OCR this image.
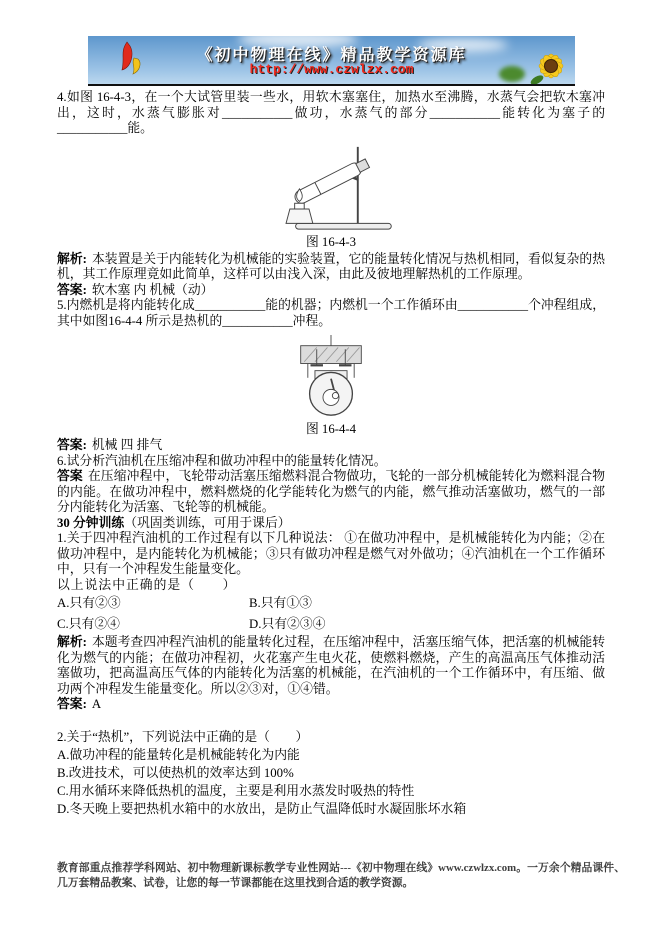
《初中物理在线》精品教学资源库
http://www.czwlzx.com

4.如图 16-4-3，在一个大试管里装一些水，用软木塞塞住，加热水至沸腾，水蒸气会把软木塞冲出，这时，水蒸气膨胀对___________做功，水蒸气的部分___________能转化为塞子的___________能。

图 16-4-3

解析: 本装置是关于内能转化为机械能的实验装置，它的能量转化情况与热机相同，看似复杂的热机，其工作原理竟如此简单，这样可以由浅入深，由此及彼地理解热机的工作原理。

答案: 软木塞 内 机械（动）

5.内燃机是将内能转化成___________能的机器；内燃机一个工作循环由___________个冲程组成，其中如图16-4-4 所示是热机的___________冲程。

图 16-4-4

答案: 机械 四 排气

6.试分析汽油机在压缩冲程和做功冲程中的能量转化情况。

答案 在压缩冲程中，飞轮带动活塞压缩燃料混合物做功，飞轮的一部分机械能转化为燃料混合物的内能。在做功冲程中，燃料燃烧的化学能转化为燃气的内能，燃气推动活塞做功，燃气的一部分内能转化为活塞、飞轮等的机械能。

30 分钟训练（巩固类训练，可用于课后）

1.关于四冲程汽油机的工作过程有以下几种说法： ①在做功冲程中，是机械能转化为内能；②在做功冲程中，是内能转化为机械能；③只有做功冲程是燃气对外做功；④汽油机在一个工作循环中，只有一个冲程发生能量变化。

以上说法中正确的是（　　）

A.只有②③	B.只有①③
C.只有②④	D.只有②③④

解析: 本题考查四冲程汽油机的能量转化过程，在压缩冲程中，活塞压缩气体，把活塞的机械能转化为燃气的内能；在做功冲程初，火花塞产生电火花，使燃料燃烧，产生的高温高压气体推动活塞做功，把高温高压气体的内能转化为活塞的机械能，在汽油机的一个工作循环中，有压缩、做功两个冲程发生能量变化。所以②③对，①④错。

答案: A

2.关于“热机”，下列说法中正确的是（　　）

A.做功冲程的能量转化是机械能转化为内能

B.改进技术，可以使热机的效率达到 100%

C.用水循环来降低热机的温度，主要是利用水蒸发时吸热的特性

D.冬天晚上要把热机水箱中的水放出，是防止气温降低时水凝固胀坏水箱

教育部重点推荐学科网站、初中物理新课标教学专业性网站---《初中物理在线》www.czwlzx.com。一万余个精品课件、几万套精品教案、试卷，让您的每一节课都能在这里找到合适的教学资源。
